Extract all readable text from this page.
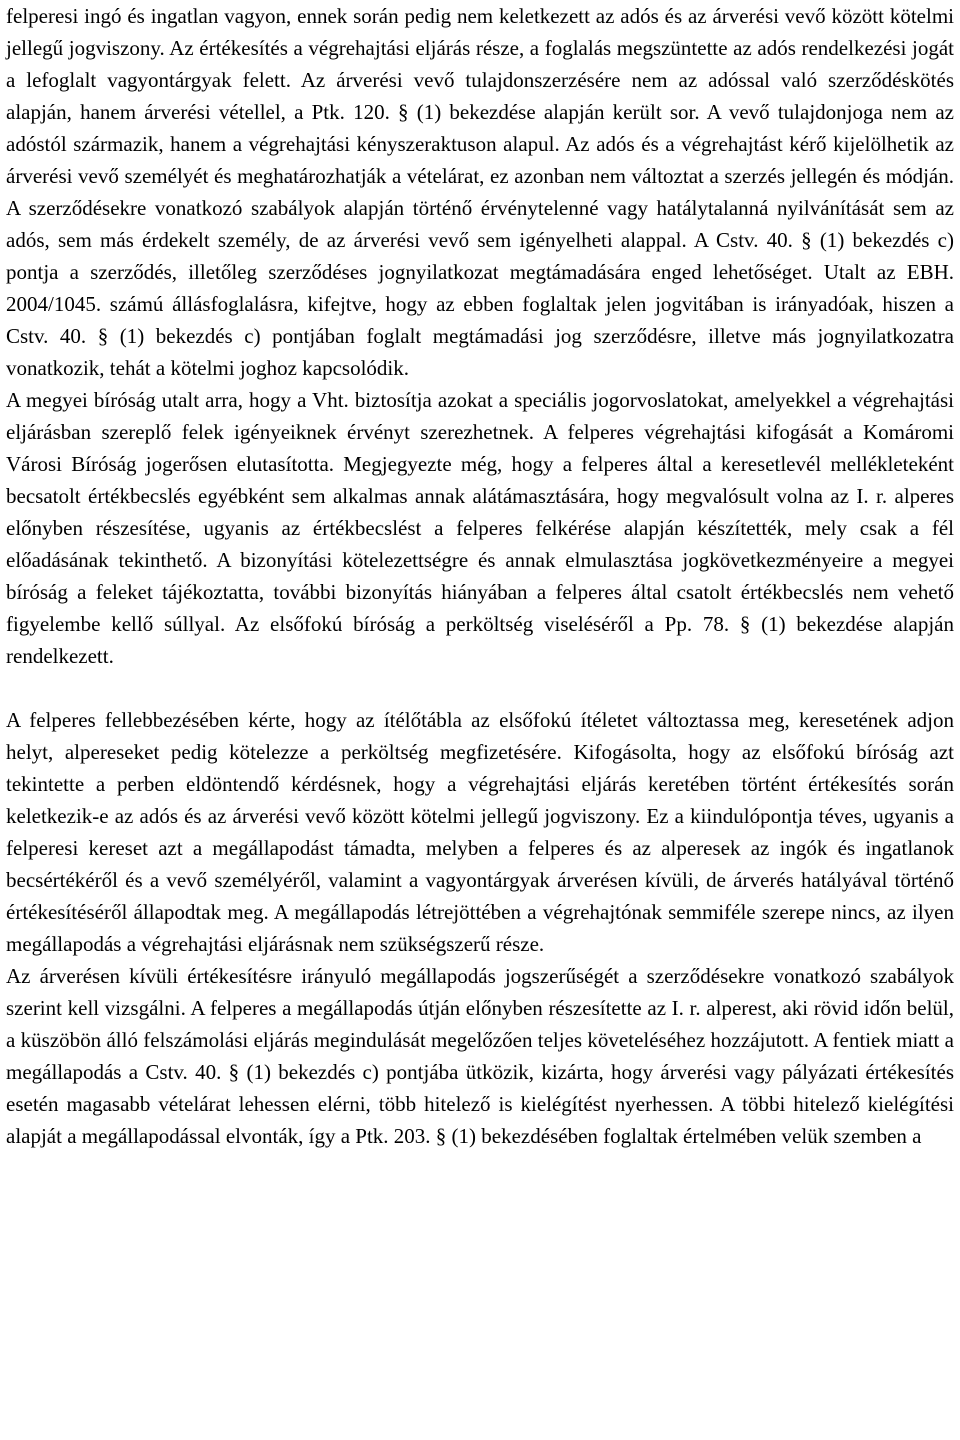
felperesi ingó és ingatlan vagyon, ennek során pedig nem keletkezett az adós és az árverési vevő között kötelmi jellegű jogviszony. Az értékesítés a végrehajtási eljárás része, a foglalás megszüntette az adós rendelkezési jogát a lefoglalt vagyontárgyak felett. Az árverési vevő tulajdonszerzésére nem az adóssal való szerződéskötés alapján, hanem árverési vétellel, a Ptk. 120. § (1) bekezdése alapján került sor. A vevő tulajdonjoga nem az adóstól származik, hanem a végrehajtási kényszeraktuson alapul. Az adós és a végrehajtást kérő kijelölhetik az árverési vevő személyét és meghatározhatják a vételárat, ez azonban nem változtat a szerzés jellegén és módján. A szerződésekre vonatkozó szabályok alapján történő érvénytelenné vagy hatálytalanná nyilvánítását sem az adós, sem más érdekelt személy, de az árverési vevő sem igényelheti alappal. A Cstv. 40. § (1) bekezdés c) pontja a szerződés, illetőleg szerződéses jognyilatkozat megtámadására enged lehetőséget. Utalt az EBH. 2004/1045. számú állásfoglalásra, kifejtve, hogy az ebben foglaltak jelen jogvitában is irányadóak, hiszen a Cstv. 40. § (1) bekezdés c) pontjában foglalt megtámadási jog szerződésre, illetve más jognyilatkozatra vonatkozik, tehát a kötelmi joghoz kapcsolódik.

A megyei bíróság utalt arra, hogy a Vht. biztosítja azokat a speciális jogorvoslatokat, amelyekkel a végrehajtási eljárásban szereplő felek igényeiknek érvényt szerezhetnek. A felperes végrehajtási kifogását a Komáromi Városi Bíróság jogerősen elutasította. Megjegyezte még, hogy a felperes által a keresetlevél mellékleteként becsatolt értékbecslés egyébként sem alkalmas annak alátámasztására, hogy megvalósult volna az I. r. alperes előnyben részesítése, ugyanis az értékbecslést a felperes felkérése alapján készítették, mely csak a fél előadásának tekinthető. A bizonyítási kötelezettségre és annak elmulasztása jogkövetkezményeire a megyei bíróság a feleket tájékoztatta, további bizonyítás hiányában a felperes által csatolt értékbecslés nem vehető figyelembe kellő súllyal. Az elsőfokú bíróság a perköltség viseléséről a Pp. 78. § (1) bekezdése alapján rendelkezett.

A felperes fellebbezésében kérte, hogy az ítélőtábla az elsőfokú ítéletet változtassa meg, keresetének adjon helyt, alpereseket pedig kötelezze a perköltség megfizetésére. Kifogásolta, hogy az elsőfokú bíróság azt tekintette a perben eldöntendő kérdésnek, hogy a végrehajtási eljárás keretében történt értékesítés során keletkezik-e az adós és az árverési vevő között kötelmi jellegű jogviszony. Ez a kiindulópontja téves, ugyanis a felperesi kereset azt a megállapodást támadta, melyben a felperes és az alperesek az ingók és ingatlanok becsértékéről és a vevő személyéről, valamint a vagyontárgyak árverésen kívüli, de árverés hatályával történő értékesítéséről állapodtak meg. A megállapodás létrejöttében a végrehajtónak semmiféle szerepe nincs, az ilyen megállapodás a végrehajtási eljárásnak nem szükségszerű része.

Az árverésen kívüli értékesítésre irányuló megállapodás jogszerűségét a szerződésekre vonatkozó szabályok szerint kell vizsgálni. A felperes a megállapodás útján előnyben részesítette az I. r. alperest, aki rövid időn belül, a küszöbön álló felszámolási eljárás megindulását megelőzően teljes követeléséhez hozzájutott. A fentiek miatt a megállapodás a Cstv. 40. § (1) bekezdés c) pontjába ütközik, kizárta, hogy árverési vagy pályázati értékesítés esetén magasabb vételárat lehessen elérni, több hitelező is kielégítést nyerhessen. A többi hitelező kielégítési alapját a megállapodással elvonták, így a Ptk. 203. § (1) bekezdésében foglaltak értelmében velük szemben a
